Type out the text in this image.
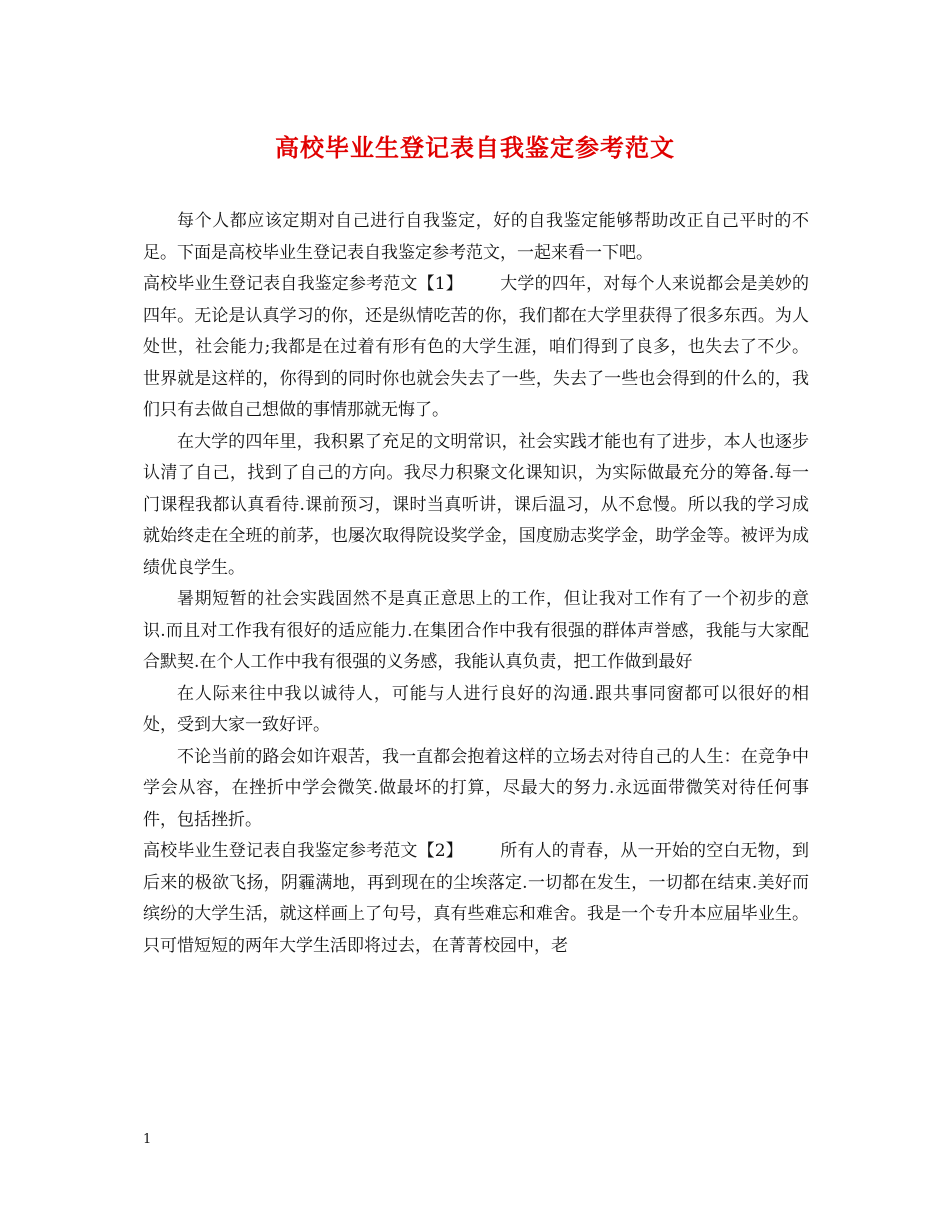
高校毕业生登记表自我鉴定参考范文

每个人都应该定期对自己进行自我鉴定，好的自我鉴定能够帮助改正自己平时的不足。下面是高校毕业生登记表自我鉴定参考范文，一起来看一下吧。

高校毕业生登记表自我鉴定参考范文【1】 大学的四年，对每个人来说都会是美妙的四年。无论是认真学习的你，还是纵情吃苦的你，我们都在大学里获得了很多东西。为人处世，社会能力;我都是在过着有形有色的大学生涯，咱们得到了良多，也失去了不少。世界就是这样的，你得到的同时你也就会失去了一些，失去了一些也会得到的什么的，我们只有去做自己想做的事情那就无悔了。

在大学的四年里，我积累了充足的文明常识，社会实践才能也有了进步，本人也逐步认清了自己，找到了自己的方向。我尽力积聚文化课知识，为实际做最充分的筹备.每一门课程我都认真看待.课前预习，课时当真听讲，课后温习，从不怠慢。所以我的学习成就始终走在全班的前茅，也屡次取得院设奖学金，国度励志奖学金，助学金等。被评为成绩优良学生。

暑期短暂的社会实践固然不是真正意思上的工作，但让我对工作有了一个初步的意识.而且对工作我有很好的适应能力.在集团合作中我有很强的群体声誉感，我能与大家配合默契.在个人工作中我有很强的义务感，我能认真负责，把工作做到最好

在人际来往中我以诚待人，可能与人进行良好的沟通.跟共事同窗都可以很好的相处，受到大家一致好评。

不论当前的路会如许艰苦，我一直都会抱着这样的立场去对待自己的人生：在竞争中学会从容，在挫折中学会微笑.做最坏的打算，尽最大的努力.永远面带微笑对待任何事件，包括挫折。

高校毕业生登记表自我鉴定参考范文【2】 所有人的青春，从一开始的空白无物，到后来的极欲飞扬，阴霾满地，再到现在的尘埃落定.一切都在发生，一切都在结束.美好而缤纷的大学生活，就这样画上了句号，真有些难忘和难舍。我是一个专升本应届毕业生。只可惜短短的两年大学生活即将过去，在菁菁校园中，老

1
